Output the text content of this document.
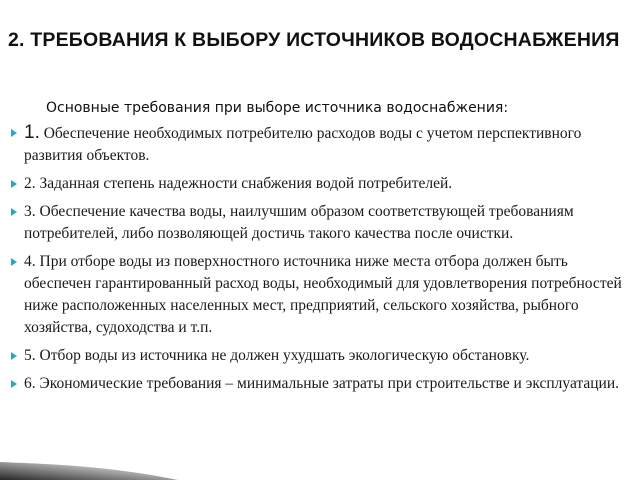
2. ТРЕБОВАНИЯ К ВЫБОРУ ИСТОЧНИКОВ ВОДОСНАБЖЕНИЯ

Основные требования при выборе источника водоснабжения:

1. Обеспечение необходимых потребителю расходов воды с учетом перспективного развития объектов.
2. Заданная степень надежности снабжения водой потребителей.
3. Обеспечение качества воды, наилучшим образом соответствующей требованиям потребителей, либо позволяющей достичь такого качества после очистки.
4. При отборе воды из поверхностного источника ниже места отбора должен быть обеспечен гарантированный расход воды, необходимый для удовлетворения потребностей ниже расположенных населенных мест, предприятий, сельского хозяйства, рыбного хозяйства, судоходства и т.п.
5. Отбор воды из источника не должен ухудшать экологическую обстановку.
6. Экономические требования – минимальные затраты при строительстве и эксплуатации.
